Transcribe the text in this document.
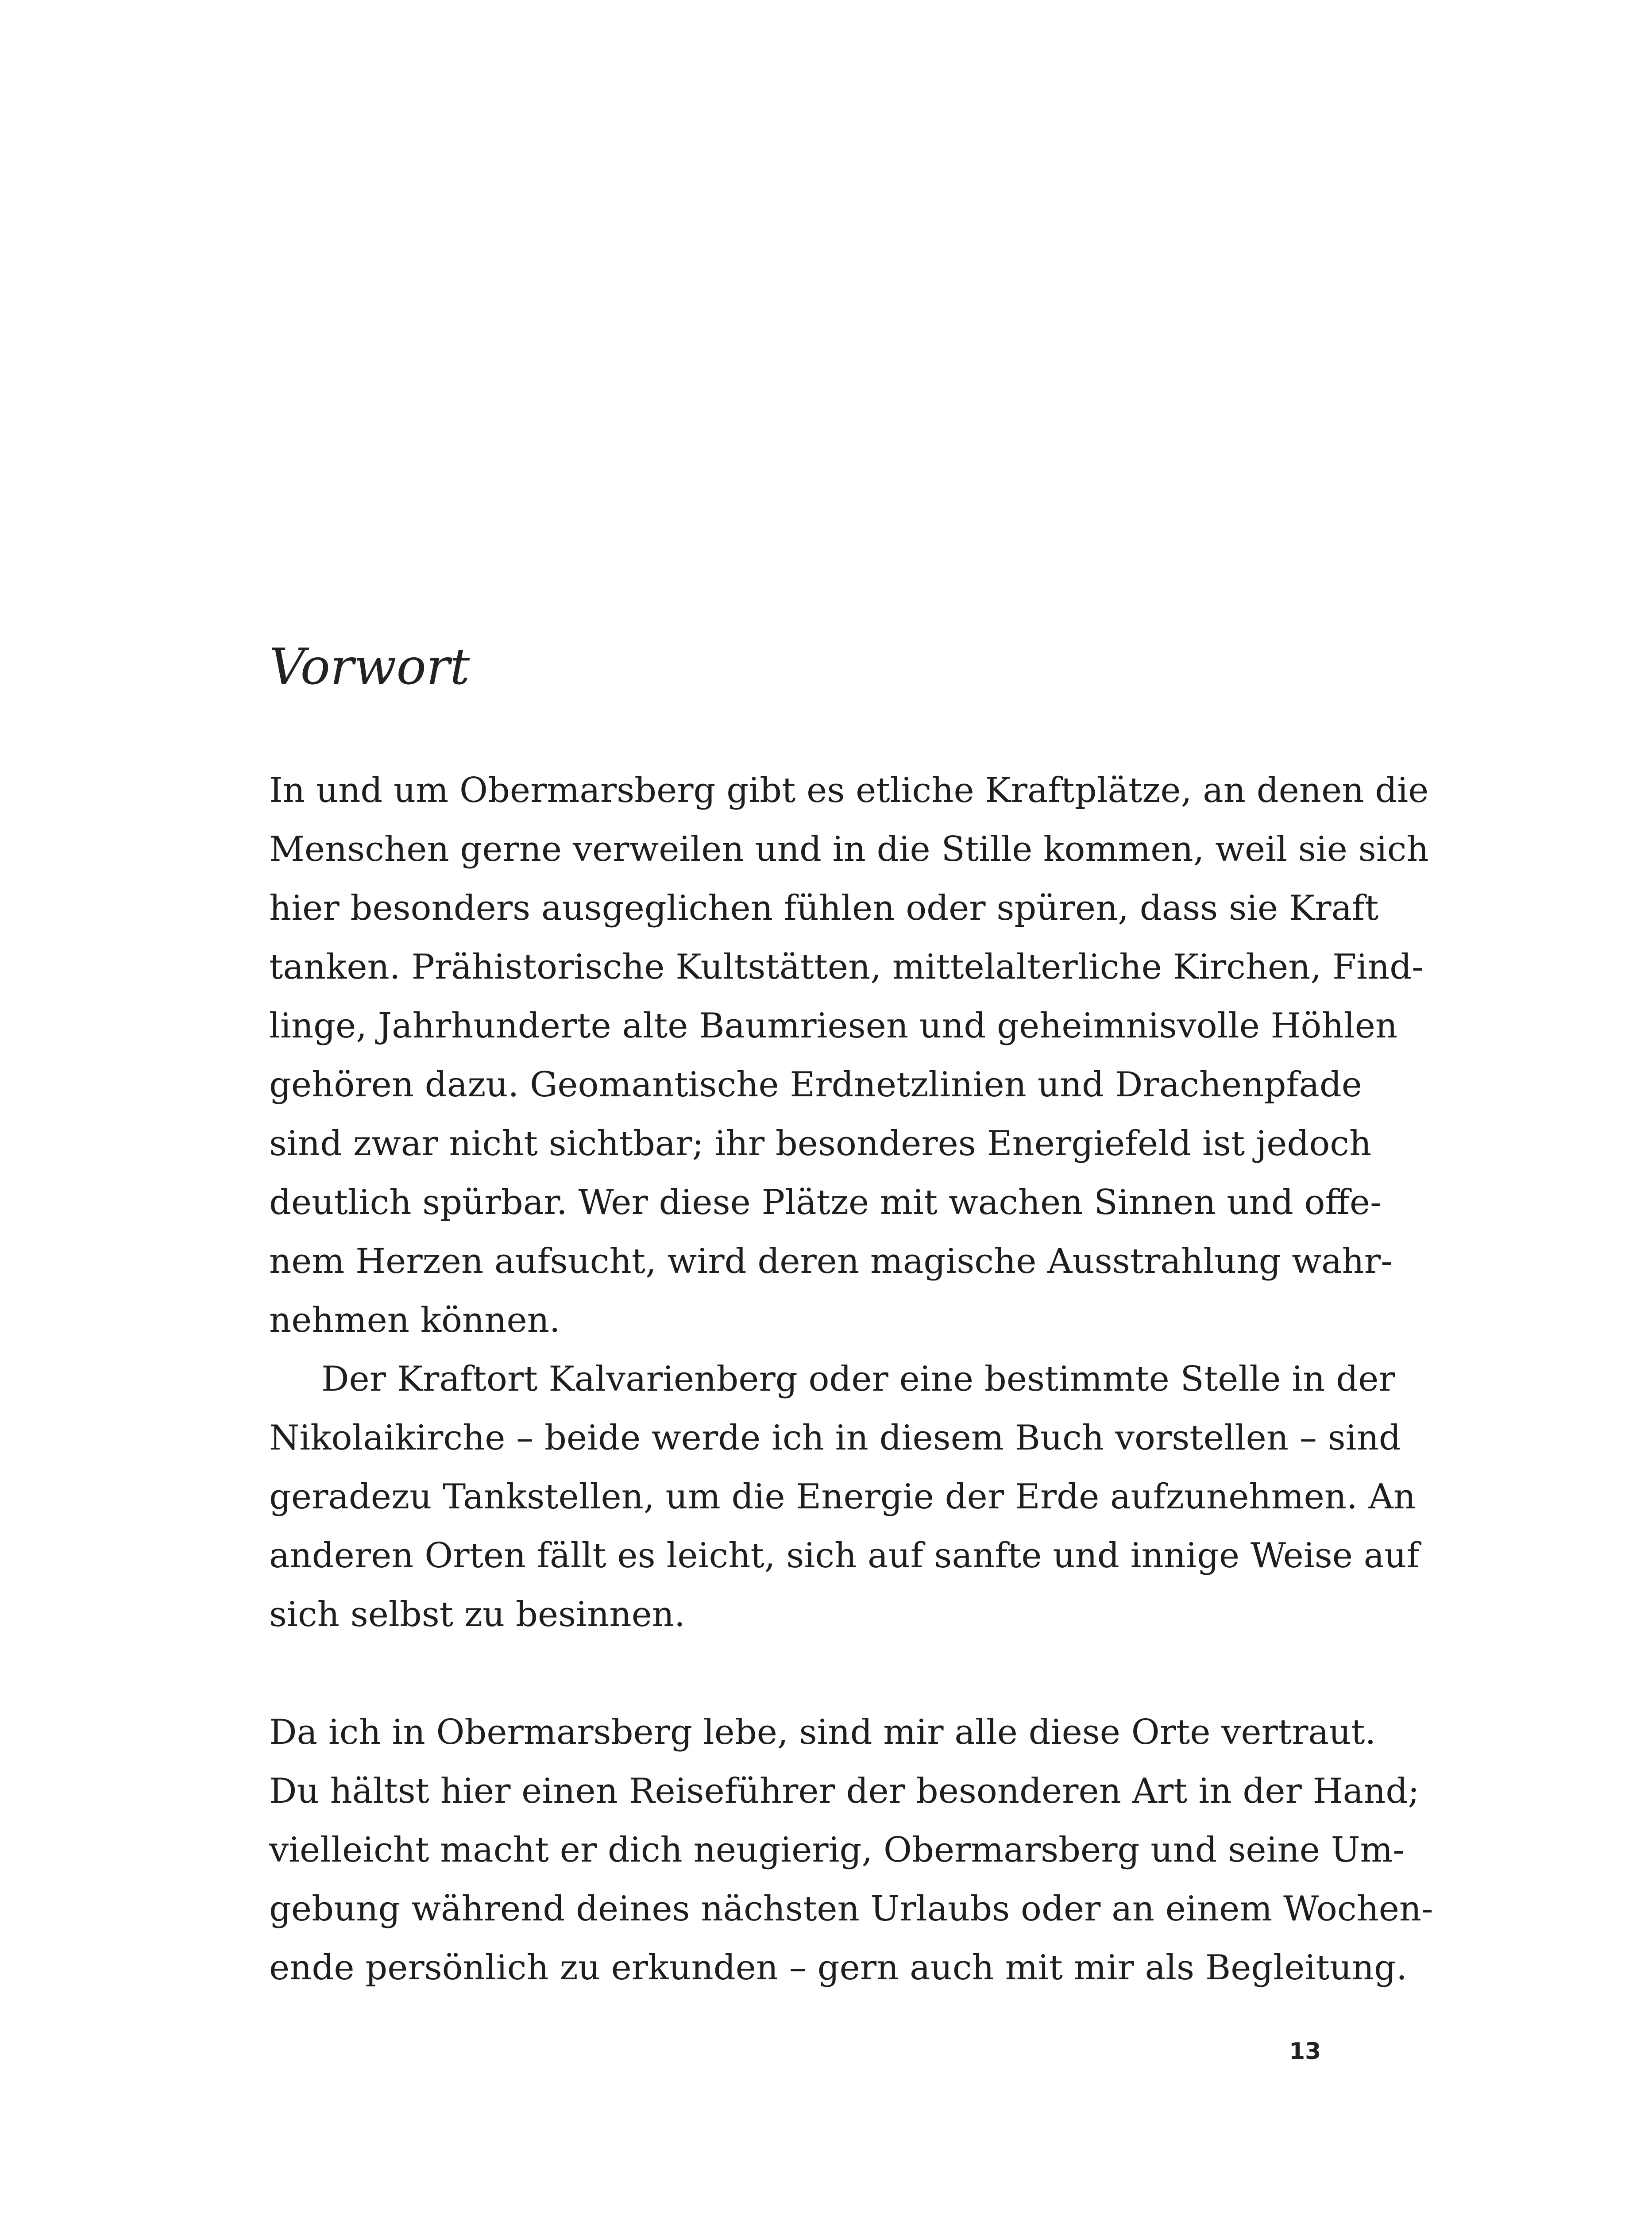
Vorwort
In und um Obermarsberg gibt es etliche Kraftplätze, an denen die
Menschen gerne verweilen und in die Stille kommen, weil sie sich
hier besonders ausgeglichen fühlen oder spüren, dass sie Kraft
tanken. Prähistorische Kultstätten, mittelalterliche Kirchen, Find-
linge, Jahrhunderte alte Baumriesen und geheimnisvolle Höhlen
gehören dazu. Geomantische Erdnetzlinien und Drachenpfade
sind zwar nicht sichtbar; ihr besonderes Energiefeld ist jedoch
deutlich spürbar. Wer diese Plätze mit wachen Sinnen und offe-
nem Herzen aufsucht, wird deren magische Ausstrahlung wahr-
nehmen können.
Der Kraftort Kalvarienberg oder eine bestimmte Stelle in der
Nikolaikirche – beide werde ich in diesem Buch vorstellen – sind
geradezu Tankstellen, um die Energie der Erde aufzunehmen. An
anderen Orten fällt es leicht, sich auf sanfte und innige Weise auf
sich selbst zu besinnen.
Da ich in Obermarsberg lebe, sind mir alle diese Orte vertraut.
Du hältst hier einen Reiseführer der besonderen Art in der Hand;
vielleicht macht er dich neugierig, Obermarsberg und seine Um-
gebung während deines nächsten Urlaubs oder an einem Wochen-
ende persönlich zu erkunden – gern auch mit mir als Begleitung.
13
